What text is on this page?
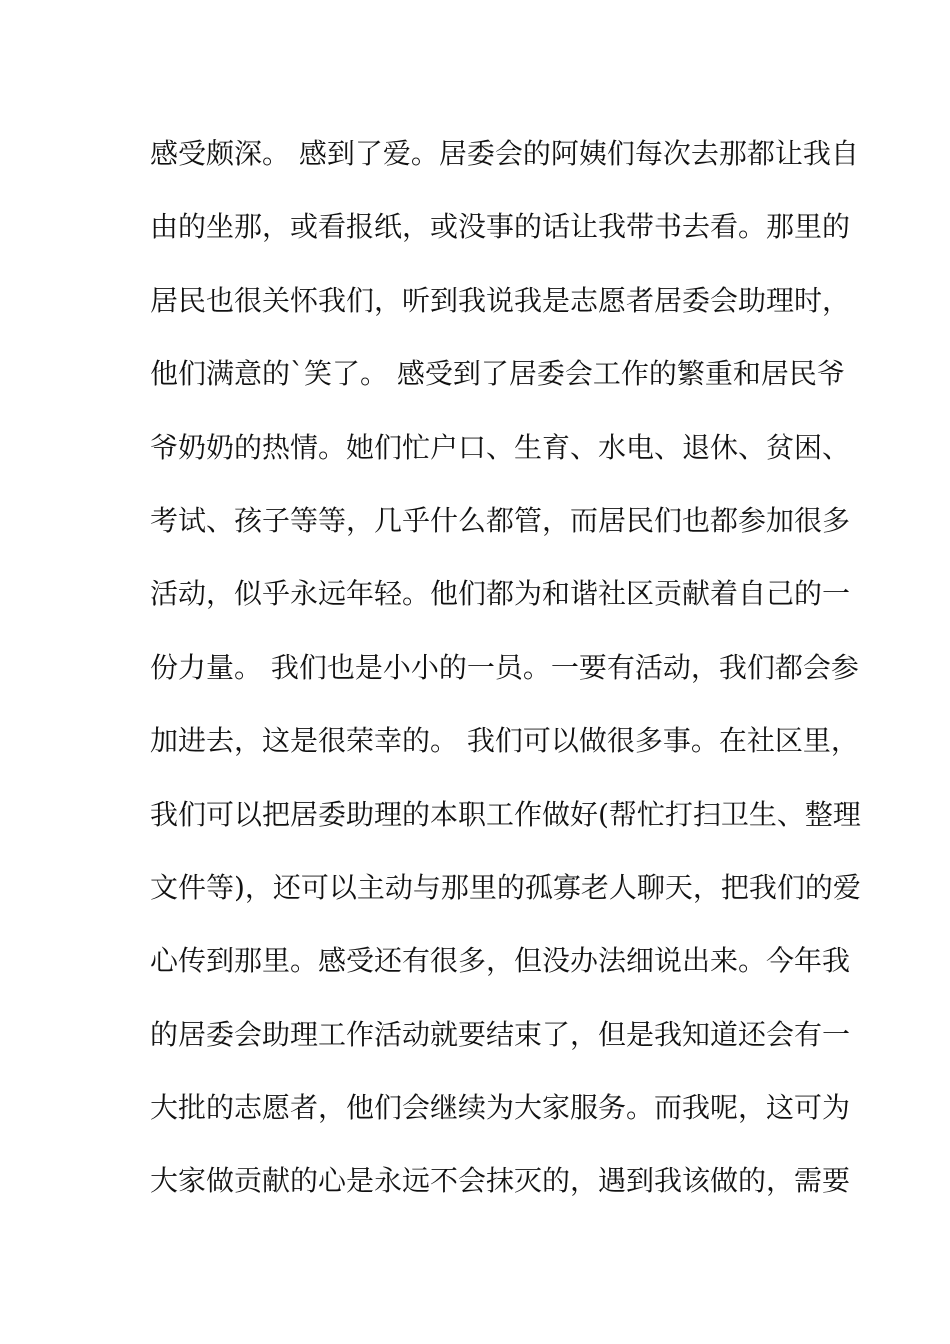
感受颇深。 感到了爱。居委会的阿姨们每次去那都让我自
由的坐那，或看报纸，或没事的话让我带书去看。那里的
居民也很关怀我们，听到我说我是志愿者居委会助理时，
他们满意的`笑了。 感受到了居委会工作的繁重和居民爷
爷奶奶的热情。她们忙户口、生育、水电、退休、贫困、
考试、孩子等等，几乎什么都管，而居民们也都参加很多
活动，似乎永远年轻。他们都为和谐社区贡献着自己的一
份力量。 我们也是小小的一员。一要有活动，我们都会参
加进去，这是很荣幸的。 我们可以做很多事。在社区里，
我们可以把居委助理的本职工作做好(帮忙打扫卫生、整理
文件等)，还可以主动与那里的孤寡老人聊天，把我们的爱
心传到那里。感受还有很多，但没办法细说出来。今年我
的居委会助理工作活动就要结束了，但是我知道还会有一
大批的志愿者，他们会继续为大家服务。而我呢，这可为
大家做贡献的心是永远不会抹灭的，遇到我该做的，需要
